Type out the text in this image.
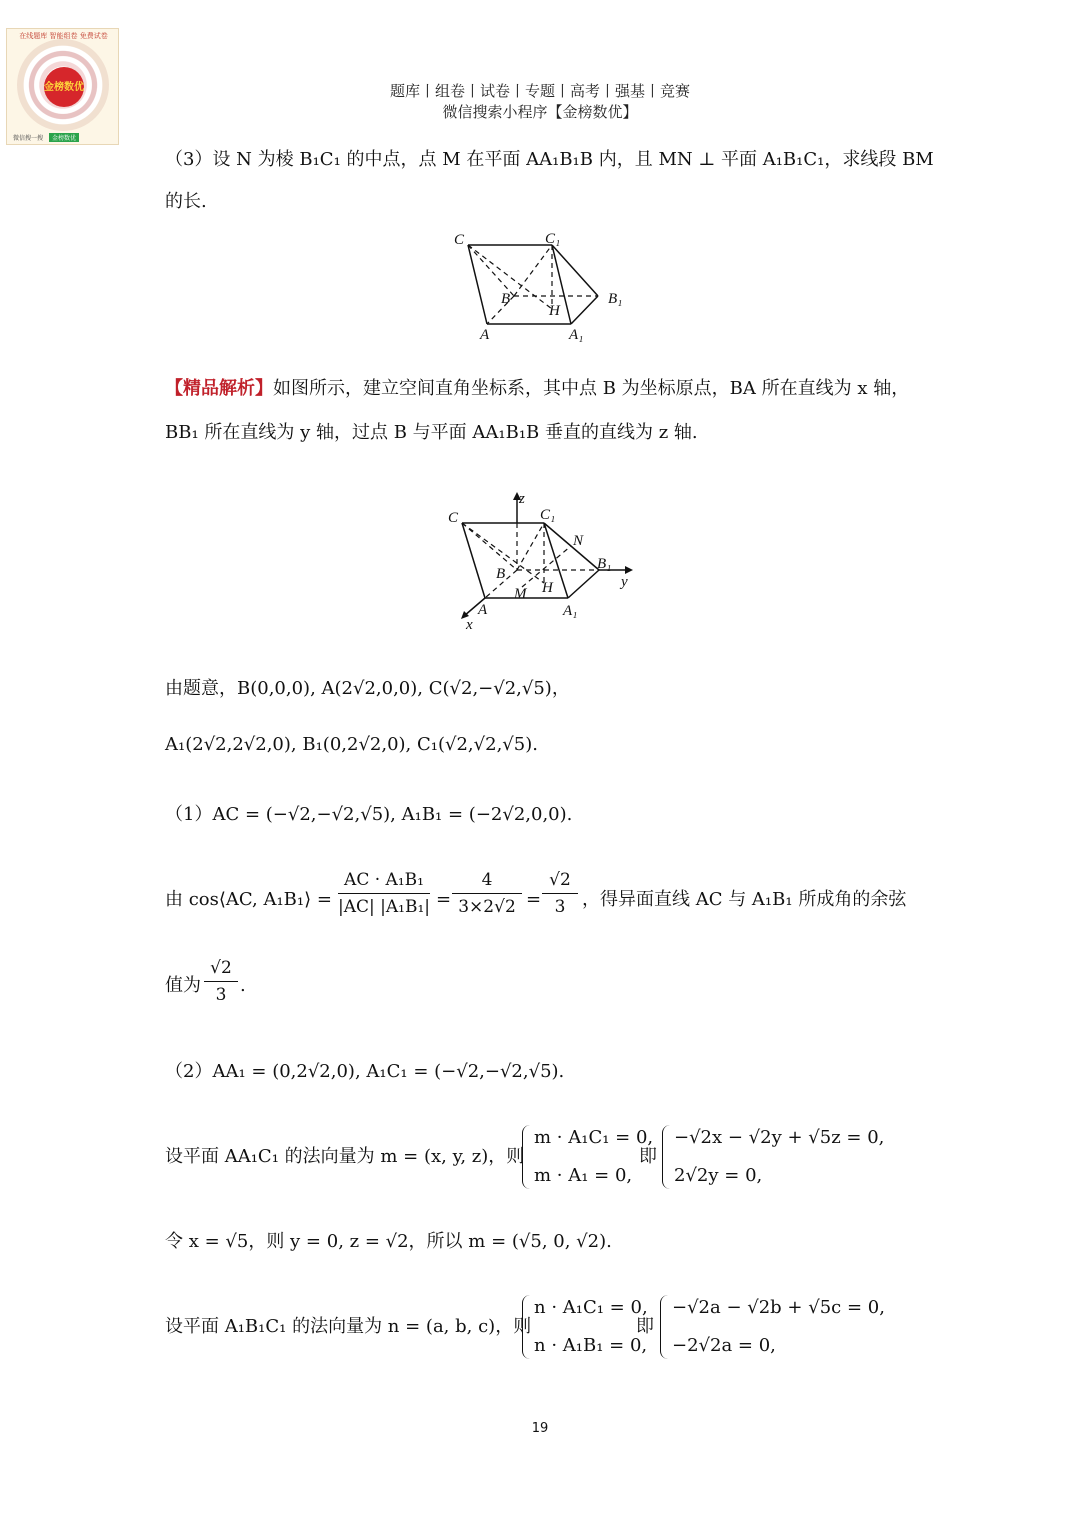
在线题库 智能组卷 免费试卷
金榜数优
微信搜一搜 金榜数优
题库丨组卷丨试卷丨专题丨高考丨强基丨竞赛
微信搜索小程序【金榜数优】
（3）设 N 为棱 B₁C₁ 的中点，点 M 在平面 AA₁B₁B 内，且 MN ⊥ 平面 A₁B₁C₁，求线段 BM
的长.
C	C₁
B	B₁
H
A	A₁
【精品解析】如图所示，建立空间直角坐标系，其中点 B 为坐标原点，BA 所在直线为 x 轴，
BB₁ 所在直线为 y 轴，过点 B 与平面 AA₁B₁B 垂直的直线为 z 轴.
z
C	C₁
N
B
B₁
y
M H
A	A₁
x
由题意，B(0,0,0), A(2√2,0,0), C(√2,−√2,√5)，
A₁(2√2,2√2,0), B₁(0,2√2,0), C₁(√2,√2,√5).
（1）AC = (−√2,−√2,√5), A₁B₁ = (−2√2,0,0).
由 cos⟨AC, A₁B₁⟩ =
AC · A₁B₁
|AC| |A₁B₁| =
4
3×2√2 =
√2
3 ，得异面直线 AC 与 A₁B₁ 所成角的余弦
值为
√2
3 .
（2）AA₁ = (0,2√2,0), A₁C₁ = (−√2,−√2,√5).
设平面 AA₁C₁ 的法向量为 m = (x, y, z)，则
m · A₁C₁ = 0,
m · A₁ = 0,
即
−√2x − √2y + √5z = 0,
2√2y = 0,
令 x = √5，则 y = 0, z = √2，所以 m = (√5, 0, √2).
设平面 A₁B₁C₁ 的法向量为 n = (a, b, c)，则
n · A₁C₁ = 0,
n · A₁B₁ = 0,
即
−√2a − √2b + √5c = 0,
−2√2a = 0,
19
